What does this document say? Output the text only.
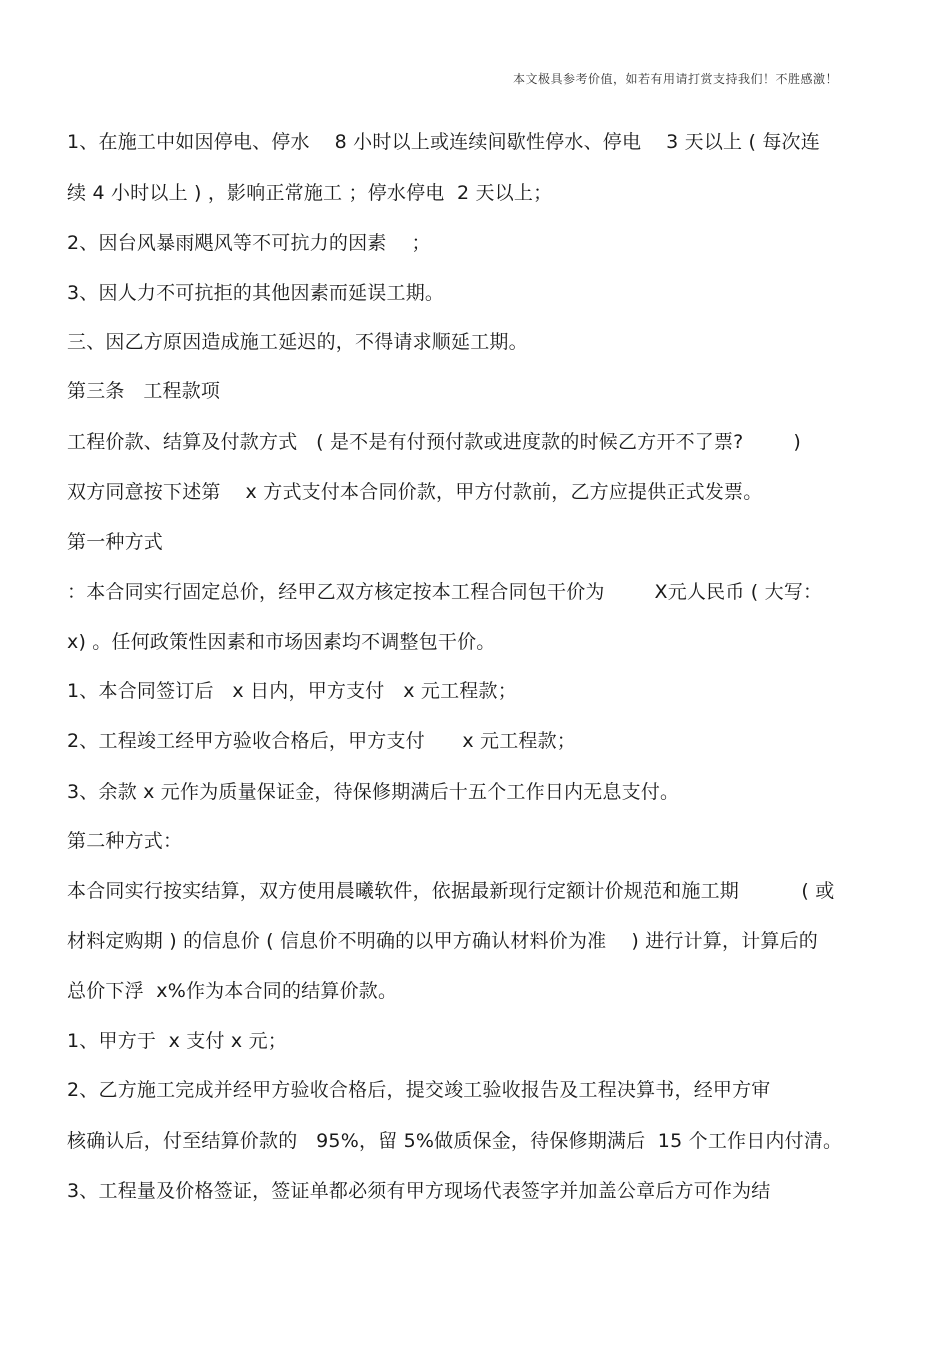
本文极具参考价值，如若有用请打赏支持我们！不胜感激！
1、在施工中如因停电、停水    8 小时以上或连续间歇性停水、停电    3 天以上 ( 每次连
续 4 小时以上 ) ，影响正常施工 ；停水停电  2 天以上；
2、因台风暴雨飓风等不可抗力的因素    ；
3、因人力不可抗拒的其他因素而延误工期。
三、因乙方原因造成施工延迟的，不得请求顺延工期。
第三条   工程款项
工程价款、结算及付款方式   ( 是不是有付预付款或进度款的时候乙方开不了票?        )
双方同意按下述第    x 方式支付本合同价款，甲方付款前，乙方应提供正式发票。
第一种方式
：本合同实行固定总价，经甲乙双方核定按本工程合同包干价为        X元人民币 ( 大写：
x) 。任何政策性因素和市场因素均不调整包干价。
1、本合同签订后   x 日内，甲方支付   x 元工程款；
2、工程竣工经甲方验收合格后，甲方支付      x 元工程款；
3、余款 x 元作为质量保证金，待保修期满后十五个工作日内无息支付。
第二种方式：
本合同实行按实结算，双方使用晨曦软件，依据最新现行定额计价规范和施工期          ( 或
材料定购期 ) 的信息价 ( 信息价不明确的以甲方确认材料价为准    ) 进行计算，计算后的
总价下浮  x%作为本合同的结算价款。
1、甲方于  x 支付 x 元；
2、乙方施工完成并经甲方验收合格后，提交竣工验收报告及工程决算书，经甲方审
核确认后，付至结算价款的   95%，留 5%做质保金，待保修期满后  15 个工作日内付清。
3、工程量及价格签证，签证单都必须有甲方现场代表签字并加盖公章后方可作为结
